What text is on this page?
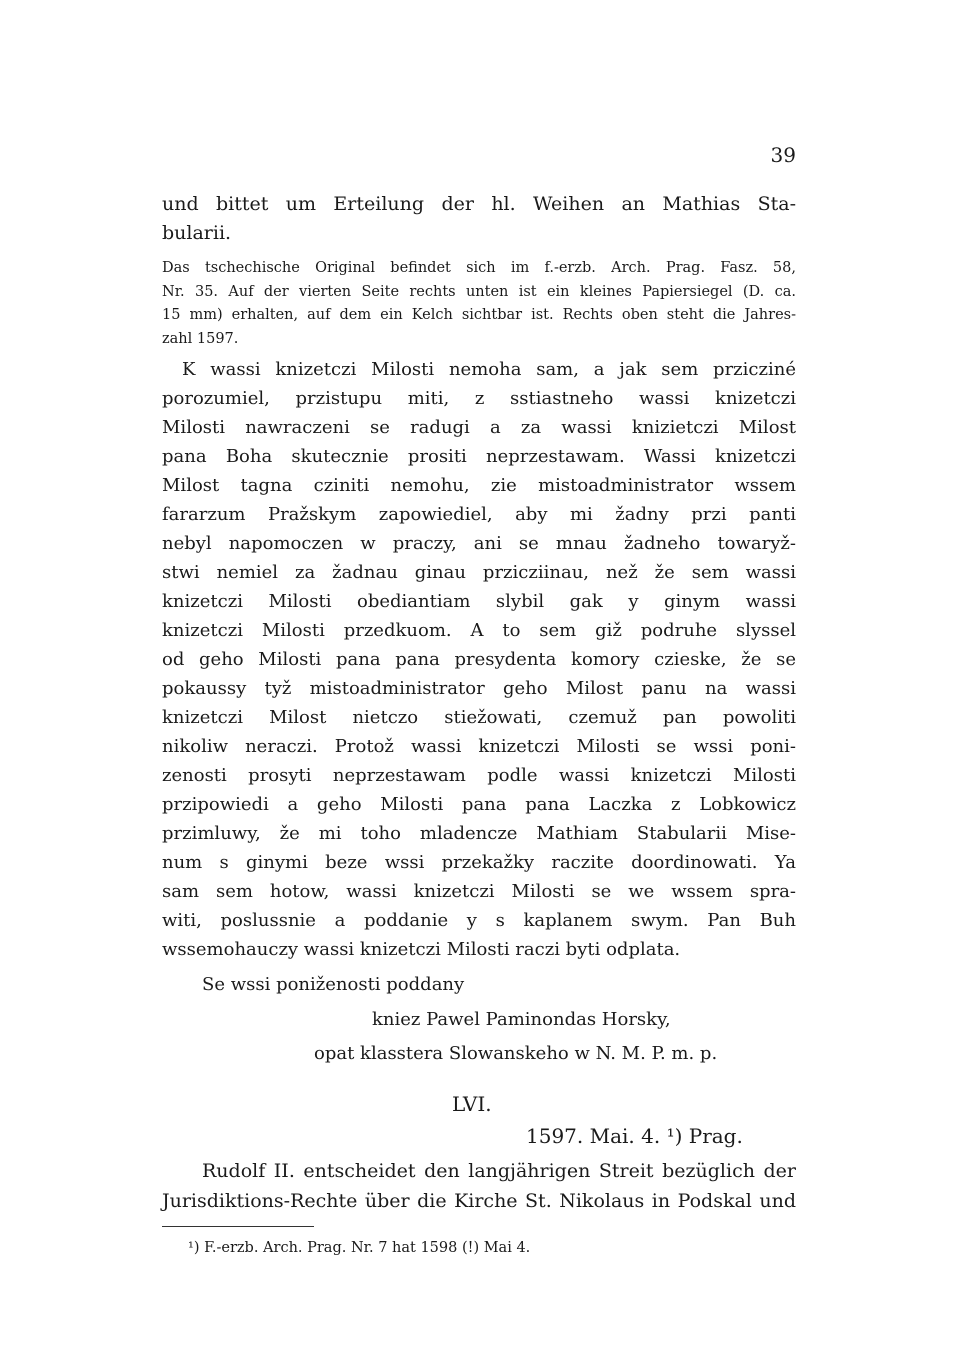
39
und bittet um Erteilung der hl. Weihen an Mathias Sta-
bularii.
Das tschechische Original befindet sich im f.-erzb. Arch. Prag. Fasz. 58,
Nr. 35. Auf der vierten Seite rechts unten ist ein kleines Papiersiegel (D. ca.
15 mm) erhalten, auf dem ein Kelch sichtbar ist. Rechts oben steht die Jahres-
zahl 1597.
K wassi knizetczi Milosti nemoha sam, a jak sem przicziné
porozumiel, przistupu miti, z sstiastneho wassi knizetczi
Milosti nawraczeni se radugi a za wassi knizietczi Milost
pana Boha skutecznie prositi neprzestawam. Wassi knizetczi
Milost tagna cziniti nemohu, zie mistoadministrator wssem
fararzum Pražskym zapowiediel, aby mi žadny przi panti
nebyl napomoczen w praczy, ani se mnau žadneho towaryž-
stwi nemiel za žadnau ginau przicziinau, než že sem wassi
knizetczi Milosti obediantiam slybil gak y ginym wassi
knizetczi Milosti przedkuom. A to sem giž podruhe slyssel
od geho Milosti pana pana presydenta komory czieske, že se
pokaussy tyž mistoadministrator geho Milost panu na wassi
knizetczi Milost nietczo stiežowati, czemuž pan powoliti
nikoliw neraczi. Protož wassi knizetczi Milosti se wssi poni-
zenosti prosyti neprzestawam podle wassi knizetczi Milosti
przipowiedi a geho Milosti pana pana Laczka z Lobkowicz
przimluwy, že mi toho mladencze Mathiam Stabularii Mise-
num s ginymi beze wssi przekažky raczite doordinowati. Ya
sam sem hotow, wassi knizetczi Milosti se we wssem spra-
witi, poslussnie a poddanie y s kaplanem swym. Pan Buh
wssemohauczy wassi knizetczi Milosti raczi byti odplata.
Se wssi poniženosti poddany
kniez Pawel Paminondas Horsky,
opat klasstera Slowanskeho w N. M. P. m. p.
LVI.
1597. Mai. 4. ¹) Prag.
Rudolf II. entscheidet den langjährigen Streit bezüglich der
Jurisdiktions-Rechte über die Kirche St. Nikolaus in Podskal und
¹) F.-erzb. Arch. Prag. Nr. 7 hat 1598 (!) Mai 4.
